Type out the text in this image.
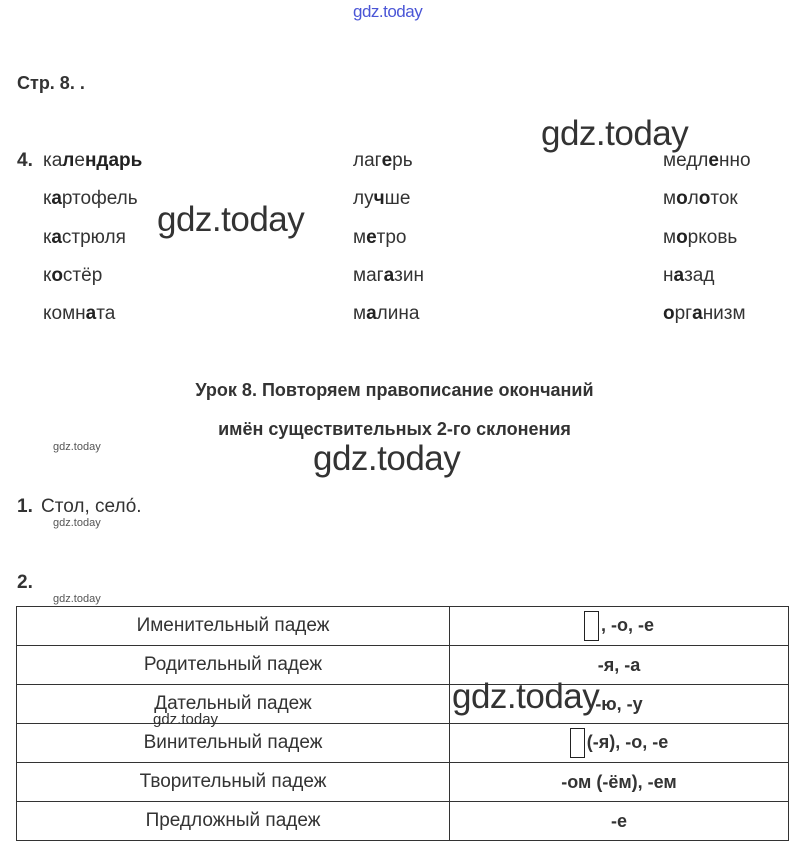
gdz.today
gdz.today
gdz.today
gdz.today
gdz.today
gdz.today
gdz.today
gdz.today
Стр. 8. .
4. календарь
картофель
кастрюля
костёр
комната
лагерь
лучше
метро
магазин
малина
медленно
молоток
морковь
назад
организм
Урок 8. Повторяем правописание окончаний
имён существительных 2-го склонения
1. Стол, село́.
2.
Именительный падеж	, -о, -е
Родительный падеж	-я, -а
Дательный падеж	-ю, -у
Винительный падеж	(-я), -о, -е
Творительный падеж	-ом (-ём), -ем
Предложный падеж	-е
gdz.today
